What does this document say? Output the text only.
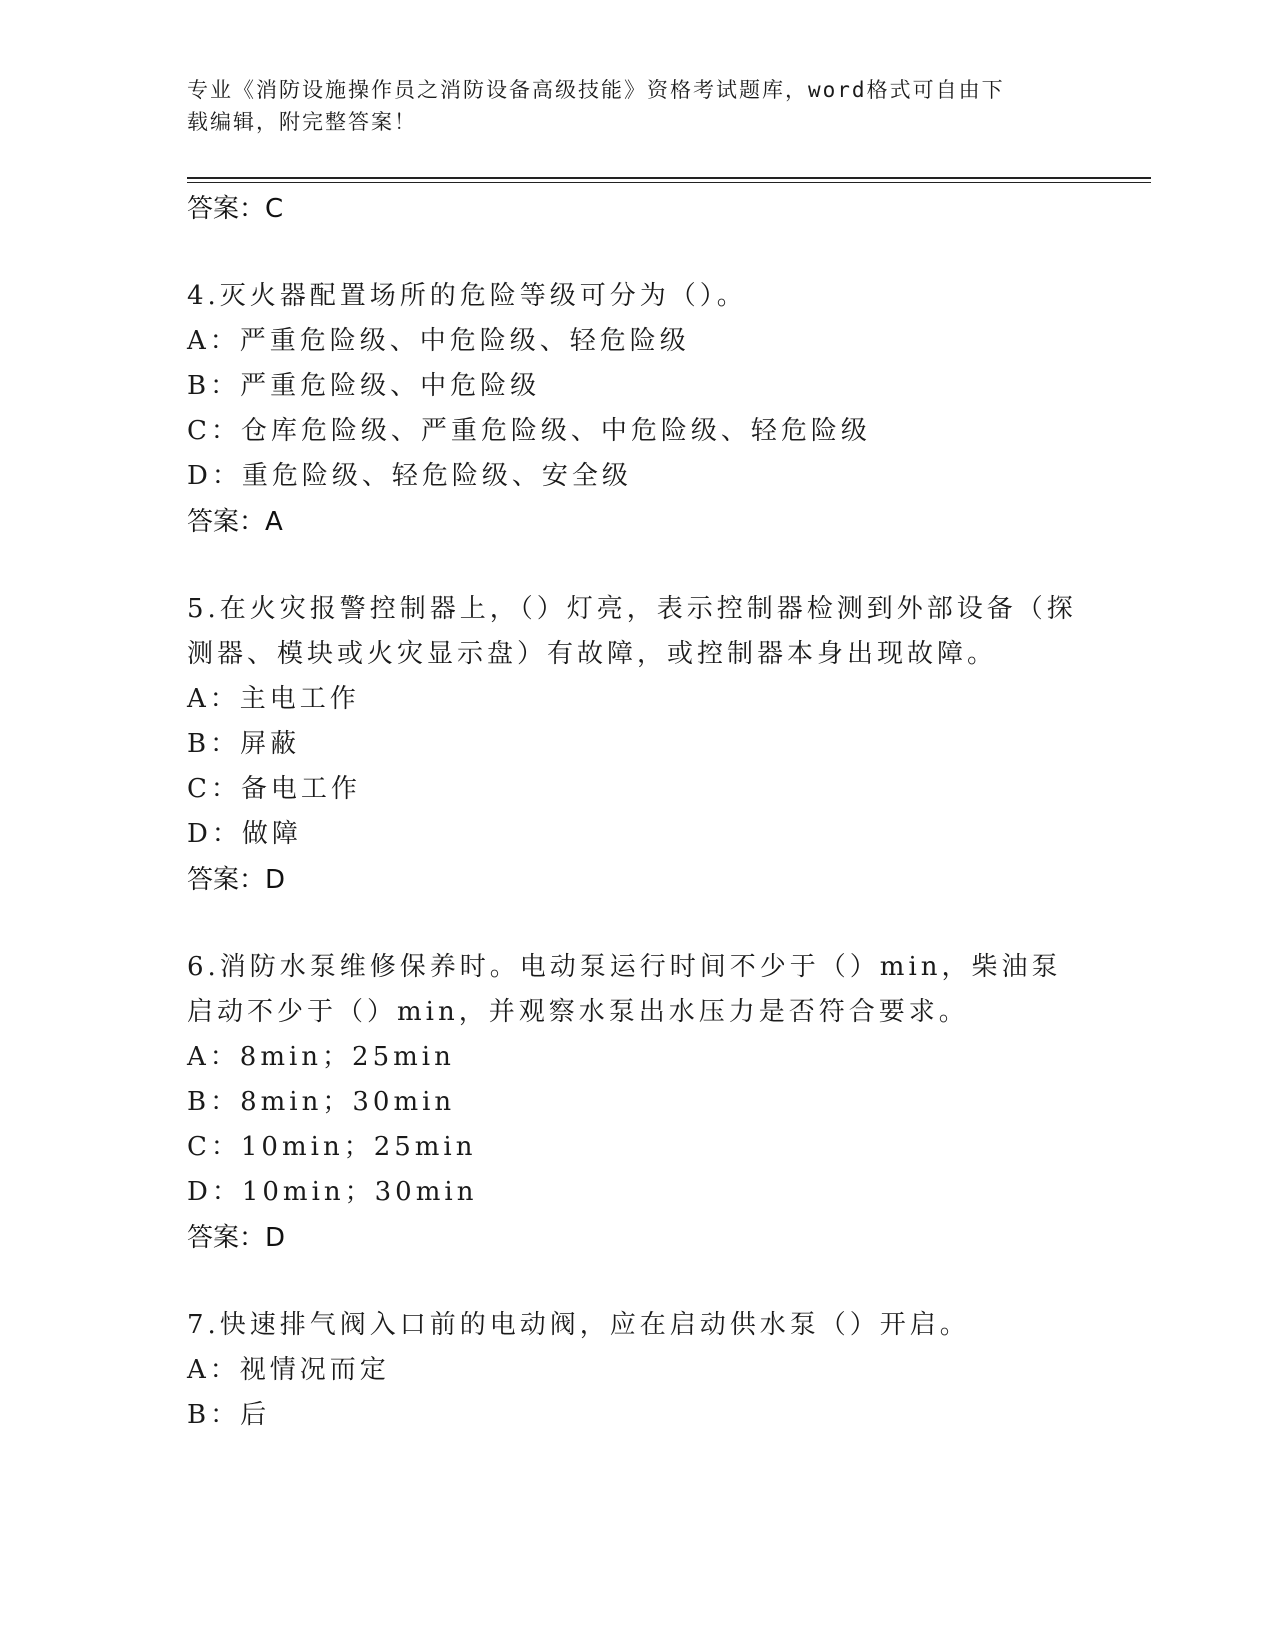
专业《消防设施操作员之消防设备高级技能》资格考试题库，word格式可自由下
载编辑，附完整答案！
答案：C
4.灭火器配置场所的危险等级可分为（）。
A：严重危险级、中危险级、轻危险级
B：严重危险级、中危险级
C：仓库危险级、严重危险级、中危险级、轻危险级
D：重危险级、轻危险级、安全级
答案：A
5.在火灾报警控制器上，（）灯亮，表示控制器检测到外部设备（探测器、模块或火灾显示盘）有故障，或控制器本身出现故障。
A：主电工作
B：屏蔽
C：备电工作
D：做障
答案：D
6.消防水泵维修保养时。电动泵运行时间不少于（）min，柴油泵启动不少于（）min，并观察水泵出水压力是否符合要求。
A：8min；25min
B：8min；30min
C：10min；25min
D：10min；30min
答案：D
7.快速排气阀入口前的电动阀，应在启动供水泵（）开启。
A：视情况而定
B：后
